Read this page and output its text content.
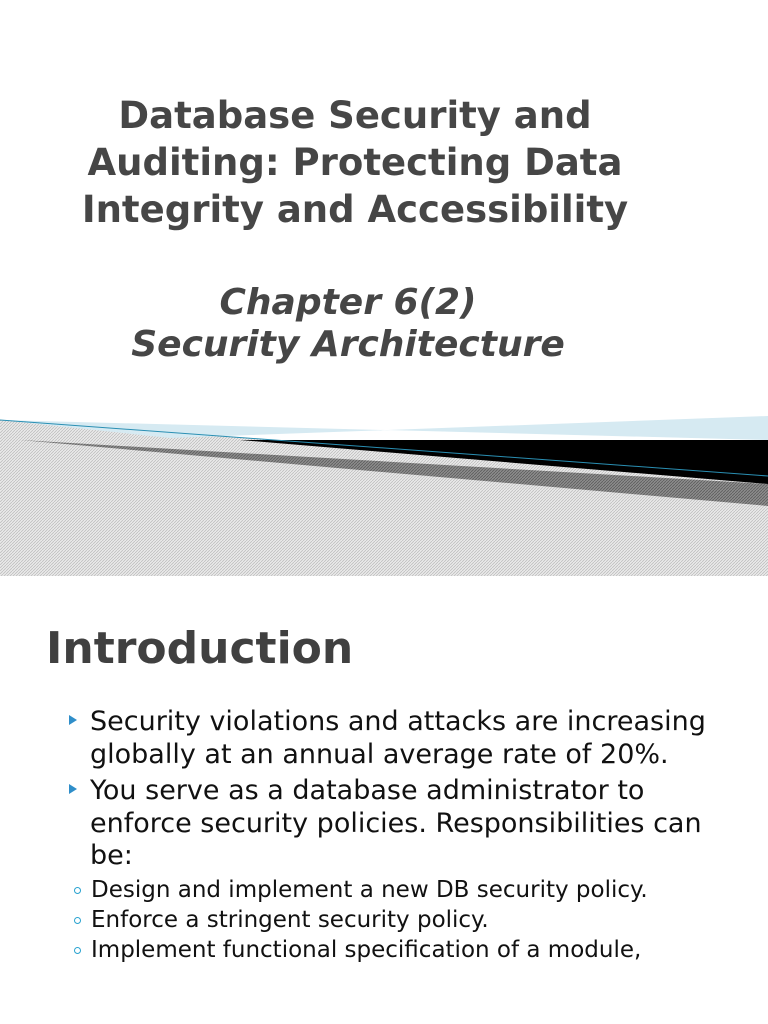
Database Security and
Auditing: Protecting Data
Integrity and Accessibility
Chapter 6(2)
Security Architecture
Introduction
Security violations and attacks are increasing globally at an annual average rate of 20%.
You serve as a database administrator to enforce security policies. Responsibilities can be:
Design and implement a new DB security policy.
Enforce a stringent security policy.
Implement functional specification of a module,
